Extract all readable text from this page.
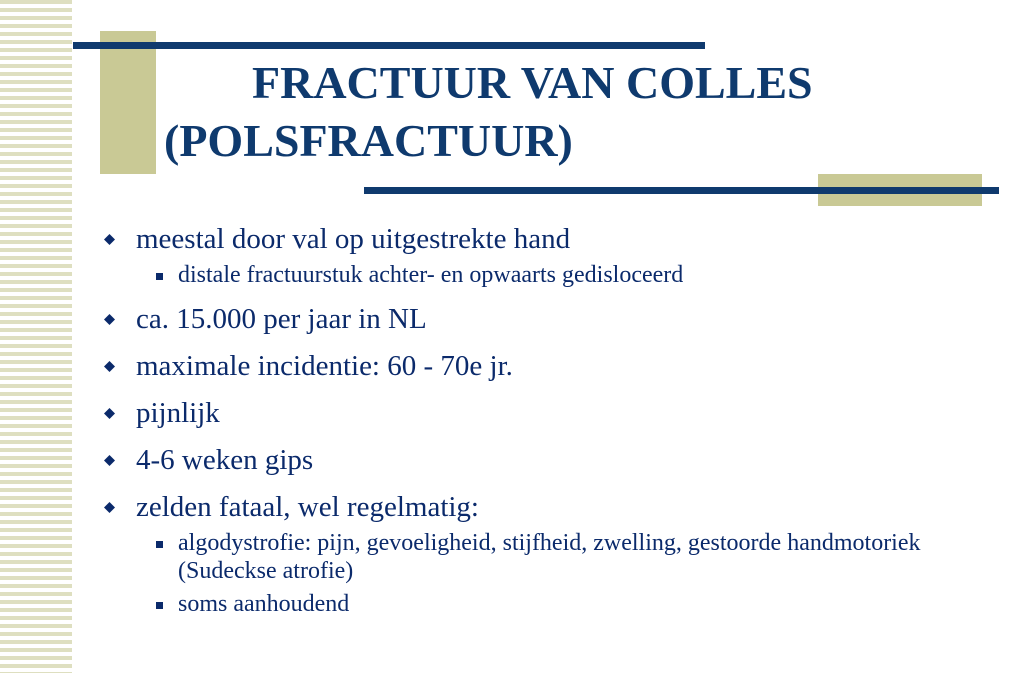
FRACTUUR VAN COLLES
(POLSFRACTUUR)
meestal door val op uitgestrekte hand
distale fractuurstuk achter- en opwaarts gedisloceerd
ca. 15.000 per jaar in NL
maximale incidentie: 60 - 70e jr.
pijnlijk
4-6 weken gips
zelden fataal, wel regelmatig:
algodystrofie: pijn, gevoeligheid, stijfheid, zwelling, gestoorde handmotoriek (Sudeckse atrofie)
soms aanhoudend
